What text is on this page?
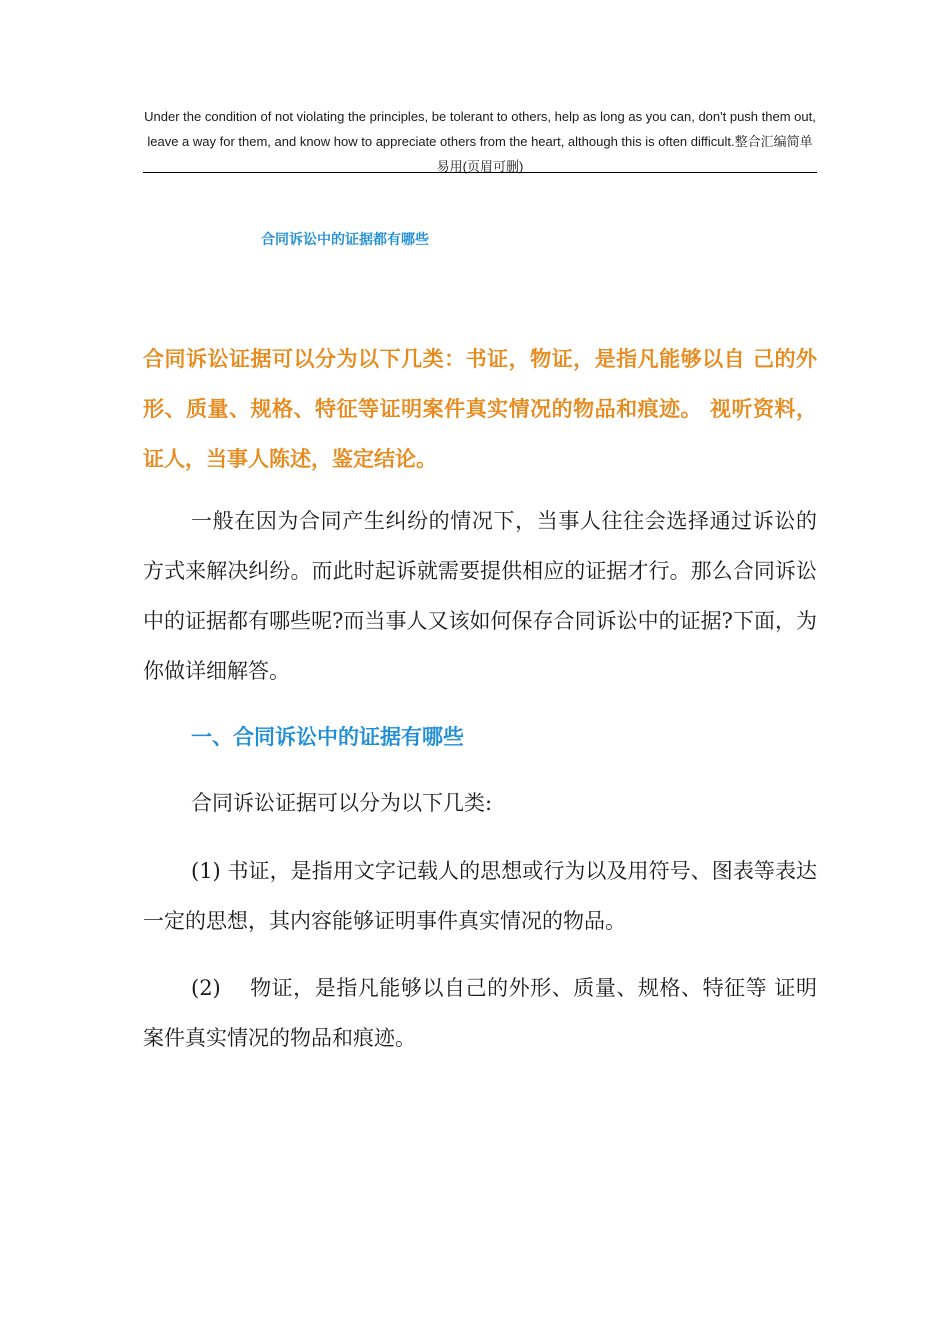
Under the condition of not violating the principles, be tolerant to others, help as long as you can, don't push them out, leave a way for them, and know how to appreciate others from the heart, although this is often difficult.整合汇编简单易用(页眉可删)
合同诉讼中的证据都有哪些
合同诉讼证据可以分为以下几类：书证，物证，是指凡能够以自 己的外形、质量、规格、特征等证明案件真实情况的物品和痕迹。 视听资料，证人，当事人陈述，鉴定结论。
一般在因为合同产生纠纷的情况下，当事人往往会选择通过诉讼的方式来解决纠纷。而此时起诉就需要提供相应的证据才行。那么合同诉讼中的证据都有哪些呢?而当事人又该如何保存合同诉讼中的证据?下面，为你做详细解答。
一、合同诉讼中的证据有哪些
合同诉讼证据可以分为以下几类:
(1) 书证，是指用文字记载人的思想或行为以及用符号、图表等表达一定的思想，其内容能够证明事件真实情况的物品。
(2)　 物证，是指凡能够以自己的外形、质量、规格、特征等 证明案件真实情况的物品和痕迹。
